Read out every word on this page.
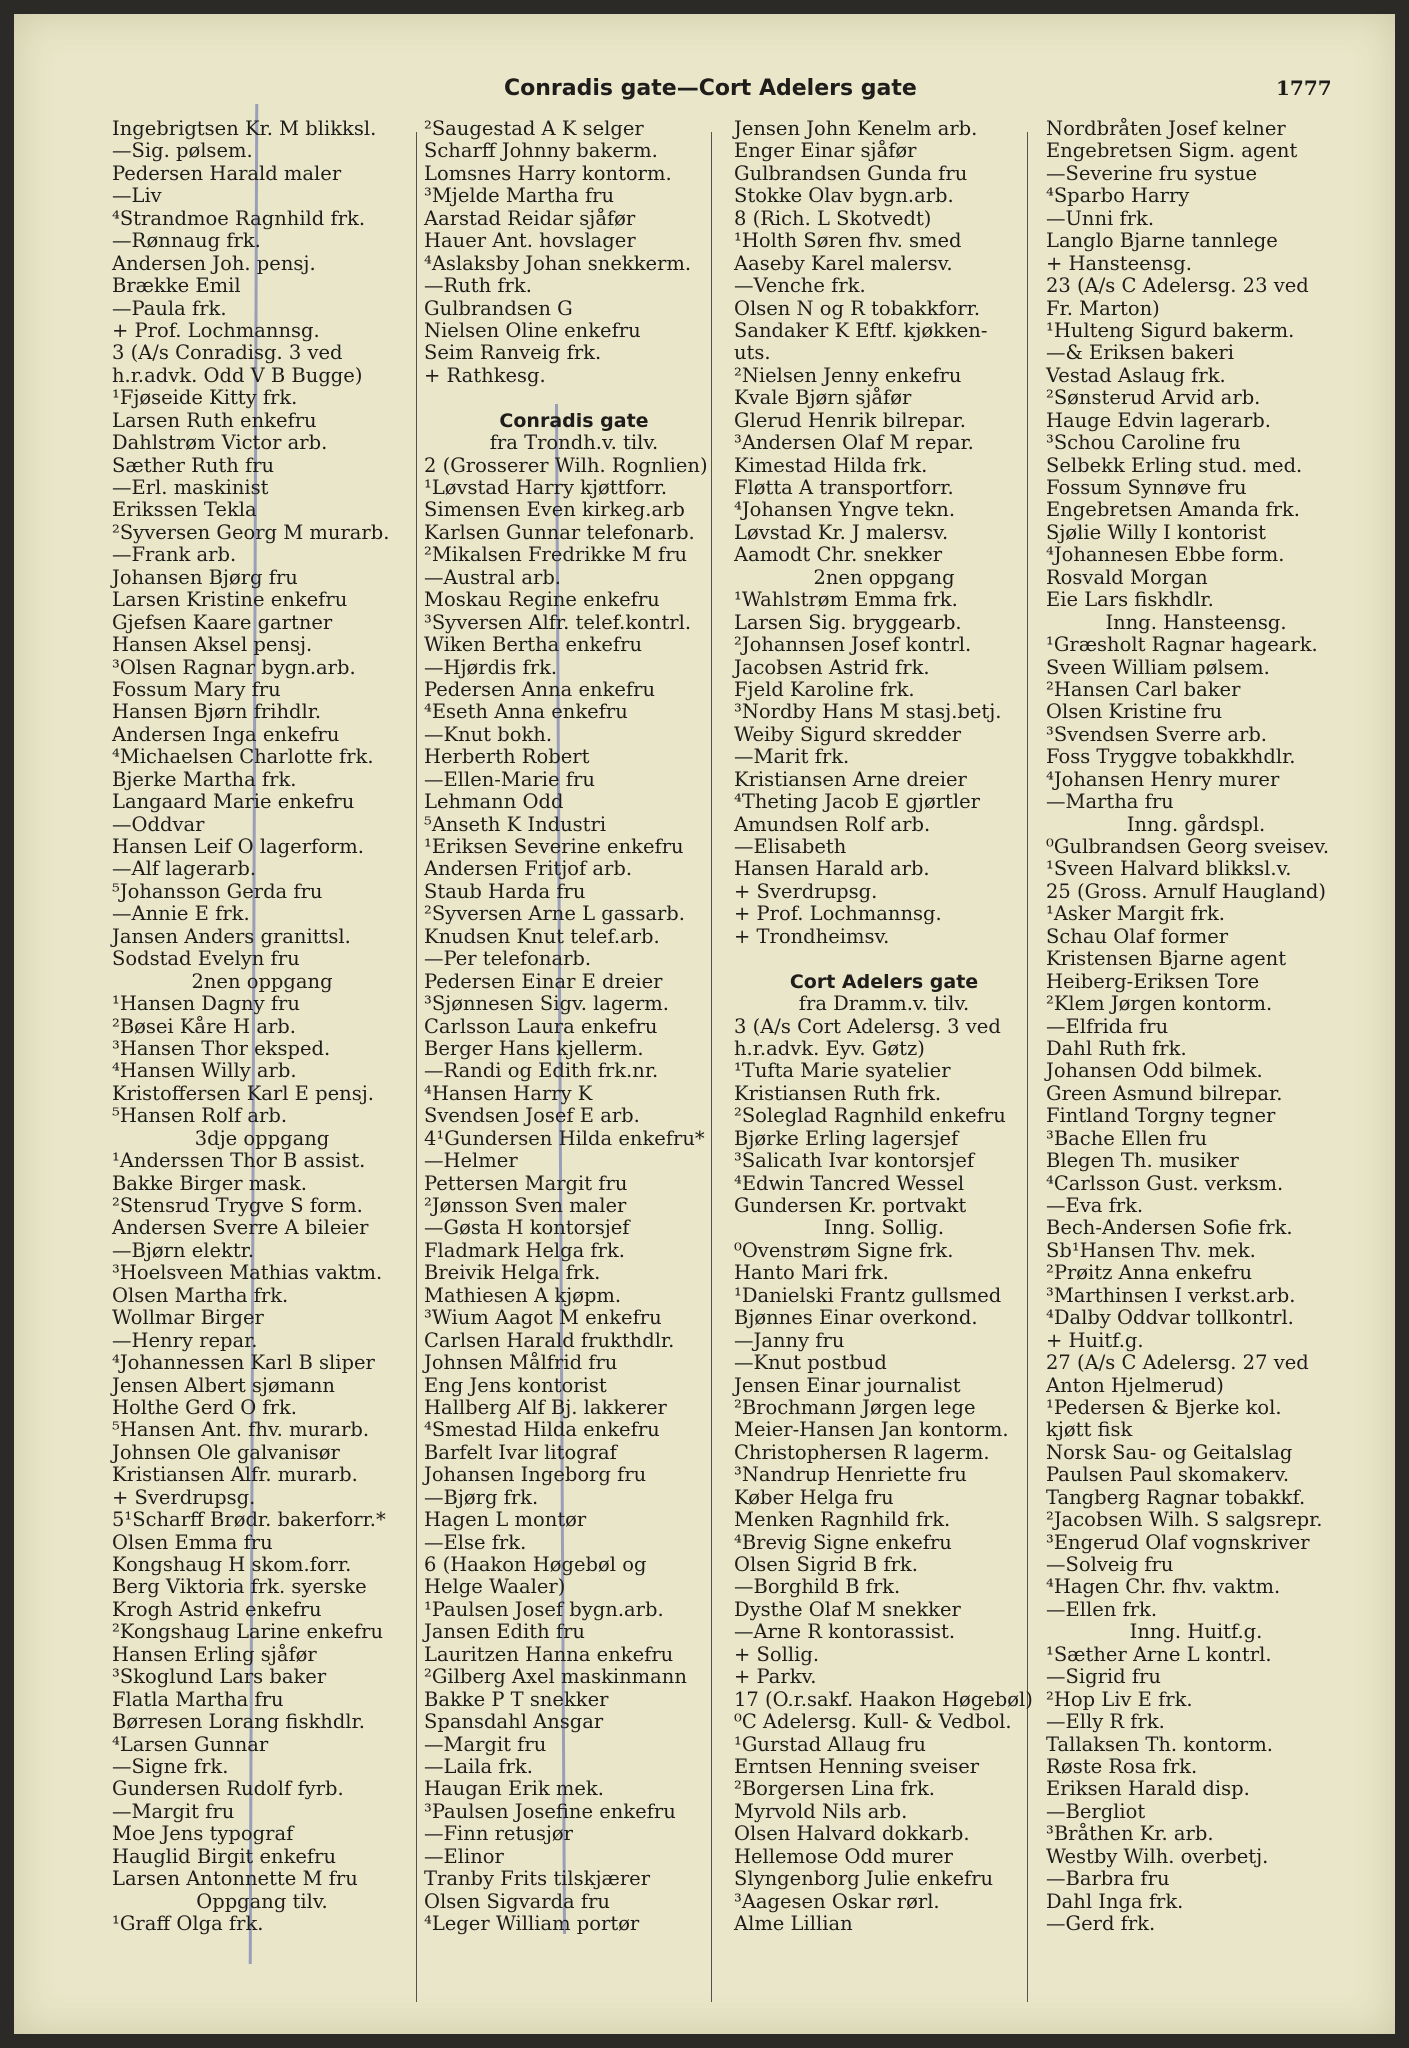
Conradis gate—Cort Adelers gate	1777
Ingebrigtsen Kr. M blikksl.
—Sig. pølsem.
Pedersen Harald maler
—Liv
⁴Strandmoe Ragnhild frk.
—Rønnaug frk.
Andersen Joh. pensj.
Brække Emil
—Paula frk.
+ Prof. Lochmannsg.
3 (A/s Conradisg. 3 ved
h.r.advk. Odd V B Bugge)
¹Fjøseide Kitty frk.
Larsen Ruth enkefru
Dahlstrøm Victor arb.
Sæther Ruth fru
—Erl. maskinist
Erikssen Tekla
²Syversen Georg M murarb.
—Frank arb.
Johansen Bjørg fru
Larsen Kristine enkefru
Gjefsen Kaare gartner
Hansen Aksel pensj.
³Olsen Ragnar bygn.arb.
Fossum Mary fru
Hansen Bjørn frihdlr.
Andersen Inga enkefru
⁴Michaelsen Charlotte frk.
Bjerke Martha frk.
Langaard Marie enkefru
—Oddvar
Hansen Leif O lagerform.
—Alf lagerarb.
⁵Johansson Gerda fru
—Annie E frk.
Jansen Anders granittsl.
Sodstad Evelyn fru
2nen oppgang
¹Hansen Dagny fru
²Bøsei Kåre H arb.
³Hansen Thor eksped.
⁴Hansen Willy arb.
Kristoffersen Karl E pensj.
⁵Hansen Rolf arb.
3dje oppgang
¹Anderssen Thor B assist.
Bakke Birger mask.
²Stensrud Trygve S form.
Andersen Sverre A bileier
—Bjørn elektr.
³Hoelsveen Mathias vaktm.
Olsen Martha frk.
Wollmar Birger
—Henry repar.
⁴Johannessen Karl B sliper
Jensen Albert sjømann
Holthe Gerd O frk.
⁵Hansen Ant. fhv. murarb.
Johnsen Ole galvanisør
Kristiansen Alfr. murarb.
+ Sverdrupsg.
5¹Scharff Brødr. bakerforr.*
Olsen Emma fru
Kongshaug H skom.forr.
Berg Viktoria frk. syerske
Krogh Astrid enkefru
²Kongshaug Larine enkefru
Hansen Erling sjåfør
³Skoglund Lars baker
Flatla Martha fru
Børresen Lorang fiskhdlr.
⁴Larsen Gunnar
—Signe frk.
Gundersen Rudolf fyrb.
—Margit fru
Moe Jens typograf
Hauglid Birgit enkefru
Larsen Antonnette M fru
Oppgang tilv.
¹Graff Olga frk.
²Saugestad A K selger
Scharff Johnny bakerm.
Lomsnes Harry kontorm.
³Mjelde Martha fru
Aarstad Reidar sjåfør
Hauer Ant. hovslager
⁴Aslaksby Johan snekkerm.
—Ruth frk.
Gulbrandsen G
Nielsen Oline enkefru
Seim Ranveig frk.
+ Rathkesg.
Conradis gate
fra Trondh.v. tilv.
2 (Grosserer Wilh. Rognlien)
¹Løvstad Harry kjøttforr.
Simensen Even kirkeg.arb
Karlsen Gunnar telefonarb.
²Mikalsen Fredrikke M fru
—Austral arb.
Moskau Regine enkefru
³Syversen Alfr. telef.kontrl.
Wiken Bertha enkefru
—Hjørdis frk.
Pedersen Anna enkefru
⁴Eseth Anna enkefru
—Knut bokh.
Herberth Robert
—Ellen-Marie fru
Lehmann Odd
⁵Anseth K Industri
¹Eriksen Severine enkefru
Andersen Fritjof arb.
Staub Harda fru
²Syversen Arne L gassarb.
Knudsen Knut telef.arb.
—Per telefonarb.
Pedersen Einar E dreier
³Sjønnesen Sigv. lagerm.
Carlsson Laura enkefru
Berger Hans kjellerm.
—Randi og Edith frk.nr.
⁴Hansen Harry K
Svendsen Josef E arb.
4¹Gundersen Hilda enkefru*
—Helmer
Pettersen Margit fru
²Jønsson Sven maler
—Gøsta H kontorsjef
Fladmark Helga frk.
Breivik Helga frk.
Mathiesen A kjøpm.
³Wium Aagot M enkefru
Carlsen Harald frukthdlr.
Johnsen Målfrid fru
Eng Jens kontorist
Hallberg Alf Bj. lakkerer
⁴Smestad Hilda enkefru
Barfelt Ivar litograf
Johansen Ingeborg fru
—Bjørg frk.
Hagen L montør
—Else frk.
6 (Haakon Høgebøl og
Helge Waaler)
¹Paulsen Josef bygn.arb.
Jansen Edith fru
Lauritzen Hanna enkefru
²Gilberg Axel maskinmann
Bakke P T snekker
Spansdahl Ansgar
—Margit fru
—Laila frk.
Haugan Erik mek.
³Paulsen Josefine enkefru
—Finn retusjør
—Elinor
Tranby Frits tilskjærer
Olsen Sigvarda fru
⁴Leger William portør
Jensen John Kenelm arb.
Enger Einar sjåfør
Gulbrandsen Gunda fru
Stokke Olav bygn.arb.
8 (Rich. L Skotvedt)
¹Holth Søren fhv. smed
Aaseby Karel malersv.
—Venche frk.
Olsen N og R tobakkforr.
Sandaker K Eftf. kjøkken-
uts.
²Nielsen Jenny enkefru
Kvale Bjørn sjåfør
Glerud Henrik bilrepar.
³Andersen Olaf M repar.
Kimestad Hilda frk.
Fløtta A transportforr.
⁴Johansen Yngve tekn.
Løvstad Kr. J malersv.
Aamodt Chr. snekker
2nen oppgang
¹Wahlstrøm Emma frk.
Larsen Sig. bryggearb.
²Johannsen Josef kontrl.
Jacobsen Astrid frk.
Fjeld Karoline frk.
³Nordby Hans M stasj.betj.
Weiby Sigurd skredder
—Marit frk.
Kristiansen Arne dreier
⁴Theting Jacob E gjørtler
Amundsen Rolf arb.
—Elisabeth
Hansen Harald arb.
+ Sverdrupsg.
+ Prof. Lochmannsg.
+ Trondheimsv.
Cort Adelers gate
fra Dramm.v. tilv.
3 (A/s Cort Adelersg. 3 ved
h.r.advk. Eyv. Gøtz)
¹Tufta Marie syatelier
Kristiansen Ruth frk.
²Soleglad Ragnhild enkefru
Bjørke Erling lagersjef
³Salicath Ivar kontorsjef
⁴Edwin Tancred Wessel
Gundersen Kr. portvakt
Inng. Sollig.
⁰Ovenstrøm Signe frk.
Hanto Mari frk.
¹Danielski Frantz gullsmed
Bjønnes Einar overkond.
—Janny fru
—Knut postbud
Jensen Einar journalist
²Brochmann Jørgen lege
Meier-Hansen Jan kontorm.
Christophersen R lagerm.
³Nandrup Henriette fru
Køber Helga fru
Menken Ragnhild frk.
⁴Brevig Signe enkefru
Olsen Sigrid B frk.
—Borghild B frk.
Dysthe Olaf M snekker
—Arne R kontorassist.
+ Sollig.
+ Parkv.
17 (O.r.sakf. Haakon Høgebøl)
⁰C Adelersg. Kull- & Vedbol.
¹Gurstad Allaug fru
Erntsen Henning sveiser
²Borgersen Lina frk.
Myrvold Nils arb.
Olsen Halvard dokkarb.
Hellemose Odd murer
Slyngenborg Julie enkefru
³Aagesen Oskar rørl.
Alme Lillian
Nordbråten Josef kelner
Engebretsen Sigm. agent
—Severine fru systue
⁴Sparbo Harry
—Unni frk.
Langlo Bjarne tannlege
+ Hansteensg.
23 (A/s C Adelersg. 23 ved
Fr. Marton)
¹Hulteng Sigurd bakerm.
—& Eriksen bakeri
Vestad Aslaug frk.
²Sønsterud Arvid arb.
Hauge Edvin lagerarb.
³Schou Caroline fru
Selbekk Erling stud. med.
Fossum Synnøve fru
Engebretsen Amanda frk.
Sjølie Willy I kontorist
⁴Johannesen Ebbe form.
Rosvald Morgan
Eie Lars fiskhdlr.
Inng. Hansteensg.
¹Græsholt Ragnar hageark.
Sveen William pølsem.
²Hansen Carl baker
Olsen Kristine fru
³Svendsen Sverre arb.
Foss Tryggve tobakkhdlr.
⁴Johansen Henry murer
—Martha fru
Inng. gårdspl.
⁰Gulbrandsen Georg sveisev.
¹Sveen Halvard blikksl.v.
25 (Gross. Arnulf Haugland)
¹Asker Margit frk.
Schau Olaf former
Kristensen Bjarne agent
Heiberg-Eriksen Tore
²Klem Jørgen kontorm.
—Elfrida fru
Dahl Ruth frk.
Johansen Odd bilmek.
Green Asmund bilrepar.
Fintland Torgny tegner
³Bache Ellen fru
Blegen Th. musiker
⁴Carlsson Gust. verksm.
—Eva frk.
Bech-Andersen Sofie frk.
Sb¹Hansen Thv. mek.
²Prøitz Anna enkefru
³Marthinsen I verkst.arb.
⁴Dalby Oddvar tollkontrl.
+ Huitf.g.
27 (A/s C Adelersg. 27 ved
Anton Hjelmerud)
¹Pedersen & Bjerke kol.
kjøtt fisk
Norsk Sau- og Geitalslag
Paulsen Paul skomakerv.
Tangberg Ragnar tobakkf.
²Jacobsen Wilh. S salgsrepr.
³Engerud Olaf vognskriver
—Solveig fru
⁴Hagen Chr. fhv. vaktm.
—Ellen frk.
Inng. Huitf.g.
¹Sæther Arne L kontrl.
—Sigrid fru
²Hop Liv E frk.
—Elly R frk.
Tallaksen Th. kontorm.
Røste Rosa frk.
Eriksen Harald disp.
—Bergliot
³Bråthen Kr. arb.
Westby Wilh. overbetj.
—Barbra fru
Dahl Inga frk.
—Gerd frk.
